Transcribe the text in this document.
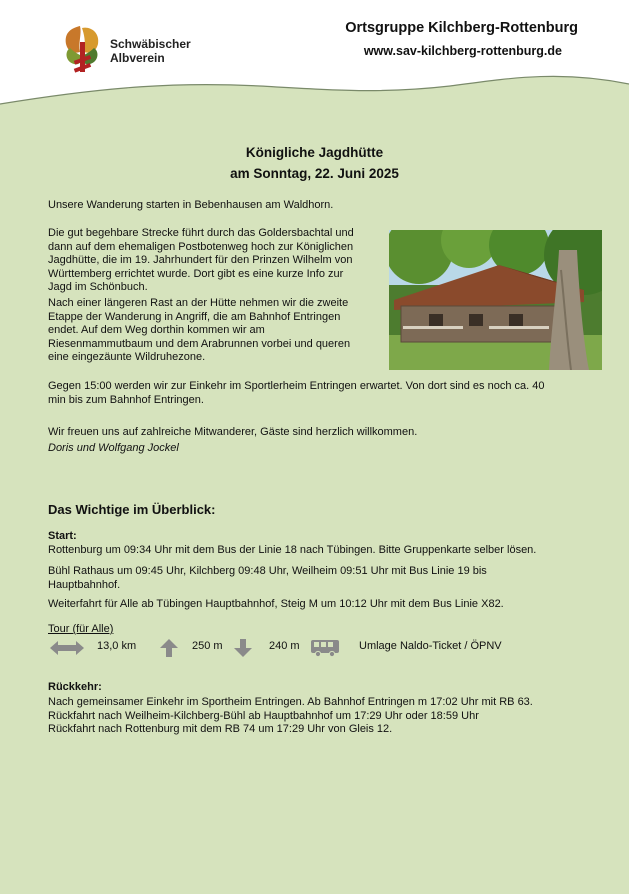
Schwäbischer
Albverein
Ortsgruppe Kilchberg-Rottenburg
www.sav-kilchberg-rottenburg.de
Königliche Jagdhütte
am Sonntag, 22. Juni 2025
Unsere Wanderung starten in Bebenhausen am Waldhorn.
Die gut begehbare Strecke führt durch das Goldersbachtal und
dann auf dem ehemaligen Postbotenweg hoch zur Königlichen
Jagdhütte, die im 19. Jahrhundert für den Prinzen Wilhelm von
Württemberg errichtet wurde. Dort gibt es eine kurze Info zur
Jagd im Schönbuch.
Nach einer längeren Rast an der Hütte nehmen wir die zweite
Etappe der Wanderung in Angriff, die am Bahnhof Entringen
endet. Auf dem Weg dorthin kommen wir am
Riesenmammutbaum und dem Arabrunnen vorbei und queren
eine eingezäunte Wildruhezone.
Gegen 15:00 werden wir zur Einkehr im Sportlerheim Entringen erwartet. Von dort sind es noch ca. 40
min bis zum Bahnhof Entringen.
Wir freuen uns auf zahlreiche Mitwanderer, Gäste sind herzlich willkommen.
Doris und Wolfgang Jockel
Das Wichtige im Überblick:
Start:
Rottenburg um 09:34 Uhr mit dem Bus der Linie 18 nach Tübingen. Bitte Gruppenkarte selber lösen.
Bühl Rathaus um 09:45 Uhr, Kilchberg 09:48 Uhr, Weilheim 09:51 Uhr mit Bus Linie 19 bis
Hauptbahnhof.
Weiterfahrt für Alle ab Tübingen Hauptbahnhof, Steig M um 10:12 Uhr mit dem Bus Linie X82.
Tour (für Alle)
13,0 km	250 m	240 m	Umlage Naldo-Ticket / ÖPNV
Rückkehr:
Nach gemeinsamer Einkehr im Sportheim Entringen. Ab Bahnhof Entringen m 17:02 Uhr mit RB 63.
Rückfahrt nach Weilheim-Kilchberg-Bühl ab Hauptbahnhof um 17:29 Uhr oder 18:59 Uhr
Rückfahrt nach Rottenburg mit dem RB 74 um 17:29 Uhr von Gleis 12.
